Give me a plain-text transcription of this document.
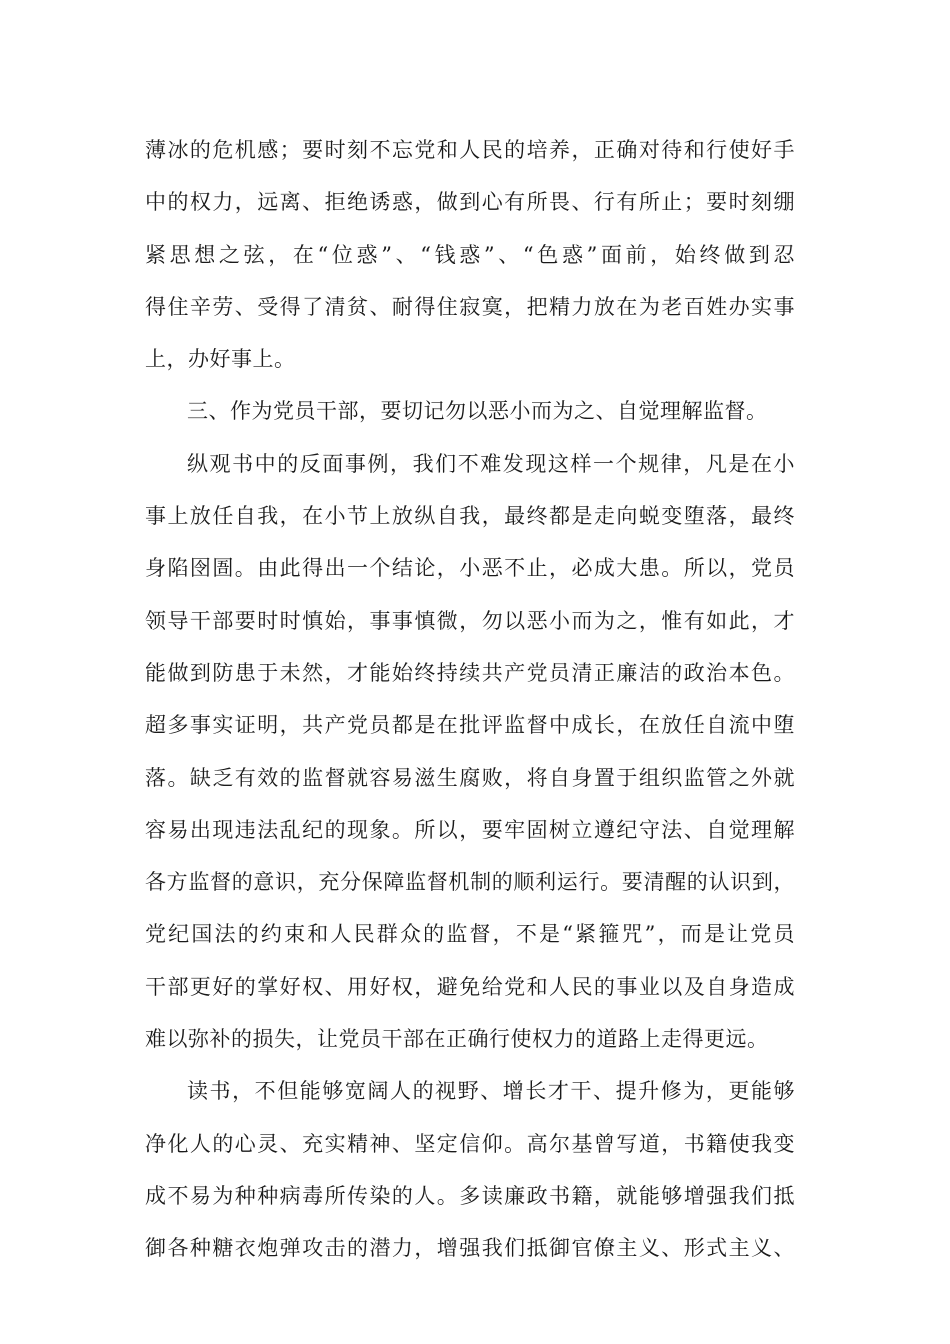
薄冰的危机感；要时刻不忘党和人民的培养，正确对待和行使好手
中的权力，远离、拒绝诱惑，做到心有所畏、行有所止；要时刻绷
紧思想之弦，在“位惑”、“钱惑”、“色惑”面前，始终做到忍
得住辛劳、受得了清贫、耐得住寂寞，把精力放在为老百姓办实事
上，办好事上。
三、作为党员干部，要切记勿以恶小而为之、自觉理解监督。
纵观书中的反面事例，我们不难发现这样一个规律，凡是在小
事上放任自我，在小节上放纵自我，最终都是走向蜕变堕落，最终
身陷囹圄。由此得出一个结论，小恶不止，必成大患。所以，党员
领导干部要时时慎始，事事慎微，勿以恶小而为之，惟有如此，才
能做到防患于未然，才能始终持续共产党员清正廉洁的政治本色。
超多事实证明，共产党员都是在批评监督中成长，在放任自流中堕
落。缺乏有效的监督就容易滋生腐败，将自身置于组织监管之外就
容易出现违法乱纪的现象。所以，要牢固树立遵纪守法、自觉理解
各方监督的意识，充分保障监督机制的顺利运行。要清醒的认识到，
党纪国法的约束和人民群众的监督，不是“紧箍咒”，而是让党员
干部更好的掌好权、用好权，避免给党和人民的事业以及自身造成
难以弥补的损失，让党员干部在正确行使权力的道路上走得更远。
读书，不但能够宽阔人的视野、增长才干、提升修为，更能够
净化人的心灵、充实精神、坚定信仰。高尔基曾写道，书籍使我变
成不易为种种病毒所传染的人。多读廉政书籍，就能够增强我们抵
御各种糖衣炮弹攻击的潜力，增强我们抵御官僚主义、形式主义、
